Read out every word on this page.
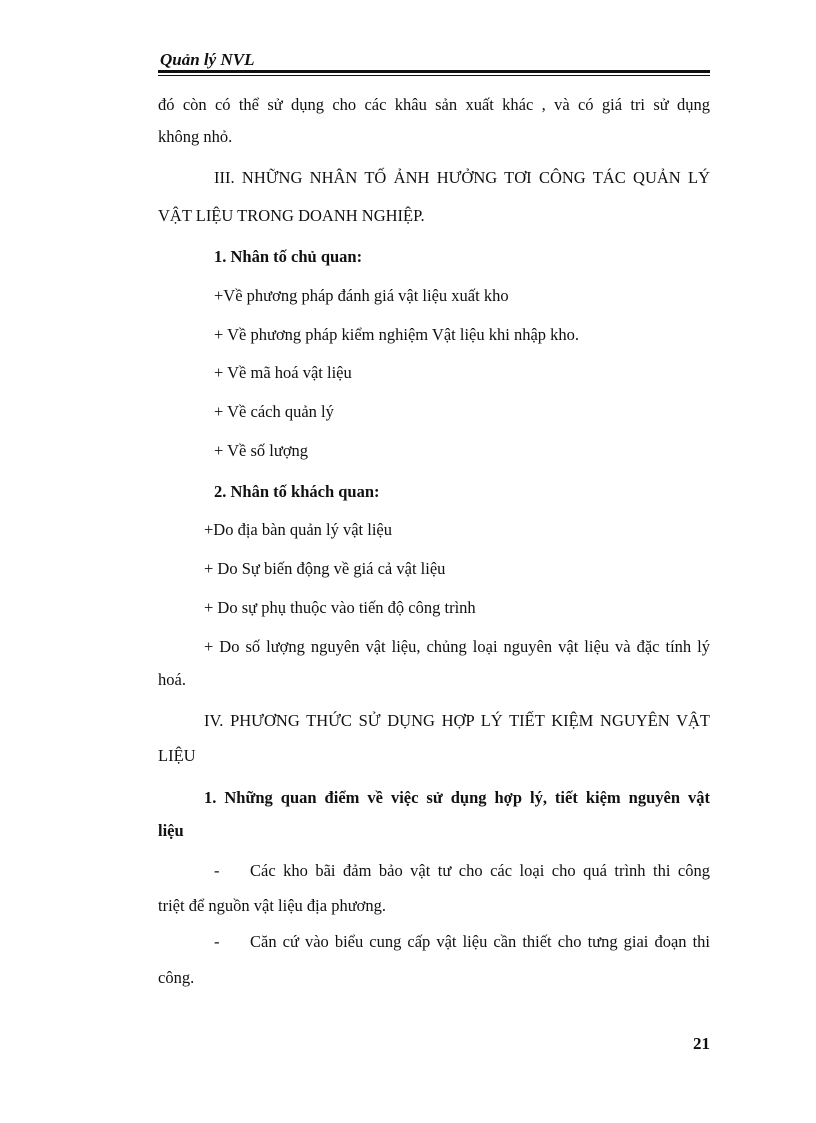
Quản lý NVL

đó còn có thể sử dụng cho các khâu sản xuất khác , và có giá tri sử dụng

không nhỏ.

III. NHỮNG NHÂN TỐ ẢNH HƯỞNG TƠI CÔNG TÁC QUẢN LÝ

VẬT LIỆU TRONG DOANH NGHIỆP.

1. Nhân tố chủ quan:

+Về phương pháp đánh giá vật liệu xuất kho

+ Về phương pháp kiểm nghiệm Vật liệu khi nhập kho.

+ Về mã hoá vật liệu

+ Về cách quản lý

+ Về số lượng

2. Nhân tố khách quan:

+Do địa bàn quản lý vật liệu

+ Do Sự biến động về giá cả vật liệu

+ Do sự phụ thuộc vào tiến độ công trình

+ Do số lượng nguyên vật liệu, chủng loại nguyên vật liệu và đặc tính lý

hoá.

IV. PHƯƠNG THỨC SỬ DỤNG HỢP LÝ TIẾT KIỆM NGUYÊN VẬT

LIỆU

1. Những quan điểm về việc sử dụng hợp lý, tiết kiệm nguyên vật

liệu

- Các kho bãi đảm bảo vật tư cho các loại cho quá trình thi công

triệt để nguồn vật liệu địa phương.

- Căn cứ vào biểu cung cấp vật liệu cần thiết cho tưng giai đoạn thi

công.

21
